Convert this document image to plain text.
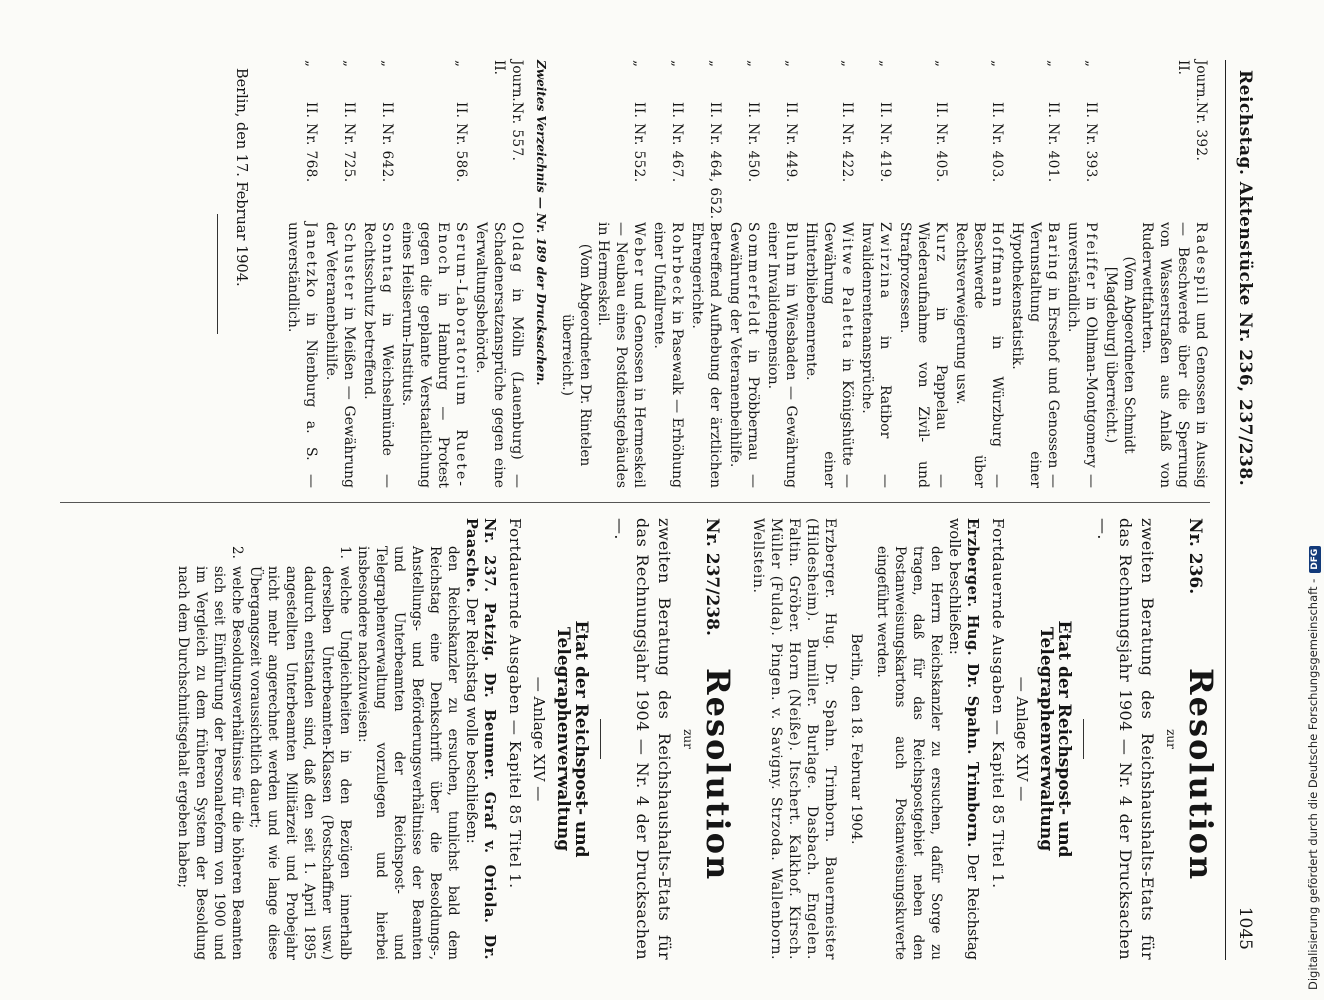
Reichstag. Aktenstücke Nr. 236, 237/238.
1045
Journ. II.
Nr. 392.
Radespill und Genossen in Aussig — Beschwerde über die Sperrung von Wasserstraßen aus Anlaß von Ruderwettfahrten.
(Vom Abgeordneten Schmidt [Magdeburg] überreicht.)
„
II. Nr. 393.
Pfeiffer in Ohlman-Montgomery — unverständlich.
„
II. Nr. 401.
Baring in Ersehof und Genossen — Verunstaltung einer Hypothekenstatistik.
„
II. Nr. 403.
Hoffmann in Würzburg — Beschwerde über Rechtsverweigerung usw.
„
II. Nr. 405.
Kurz in Pappelau — Wiederaufnahme von Zivil- und Strafprozessen.
„
II. Nr. 419.
Zwirzina in Ratibor — Invalidenrentenansprüche.
„
II. Nr. 422.
Witwe Paletta in Königshütte — Gewährung einer Hinterbliebenenrente.
„
II. Nr. 449.
Bluhm in Wiesbaden — Gewährung einer Invalidenpension.
„
II. Nr. 450.
Sommerfeldt in Pröbbernau — Gewährung der Veteranenbeihilfe.
„
II. Nr. 464, 652.
Betreffend Aufhebung der ärztlichen Ehrengerichte.
„
II. Nr. 467.
Rohrbeck in Pasewalk — Erhöhung einer Unfallrente.
„
II. Nr. 552.
Weber und Genossen in Hermeskeil — Neubau eines Postdienstgebäudes in Hermeskeil.
(Vom Abgeordneten Dr. Rintelen überreicht.)
Zweites Verzeichnis — Nr. 189 der Drucksachen.
Journ. II.
Nr. 557.
Oldag in Mölln (Lauenburg) — Schadenersatzansprüche gegen eine Verwaltungsbehörde.
„
II. Nr. 586.
Serum-Laboratorium Ruete-Enoch in Hamburg — Protest gegen die geplante Verstaatlichung eines Heilserum-Instituts.
„
II. Nr. 642.
Sonntag in Weichselmünde — Rechtsschutz betreffend.
„
II. Nr. 725.
Schuster in Meißen — Gewährung der Veteranenbeihilfe.
„
II. Nr. 768.
Janetzko in Nienburg a. S. — unverständlich.
Berlin, den 17. Februar 1904.
Nr. 236.
Resolution
zur
zweiten Beratung des Reichshaushalts-Etats für das Rechnungsjahr 1904 — Nr. 4 der Drucksachen —.
Etat der Reichspost- und Telegraphenverwaltung
— Anlage XIV —
Fortdauernde Ausgaben — Kapitel 85 Titel 1.
Erzberger. Hug. Dr. Spahn. Trimborn. Der Reichstag wolle beschließen:
den Herrn Reichskanzler zu ersuchen, dafür Sorge zu tragen, daß für das Reichspostgebiet neben den Postanweisungskartons auch Postanweisungskuverte eingeführt werden.
Berlin, den 18. Februar 1904.
Erzberger. Hug. Dr. Spahn. Trimborn. Bauermeister (Hildesheim). Bumiller. Burlage. Dasbach. Engelen. Faltin. Gröber. Horn (Neiße). Itschert. Kalkhof. Kirsch. Müller (Fulda). Pingen. v. Savigny. Strzoda. Wallenborn. Wellstein.
Nr. 237/238.
Resolution
zur
zweiten Beratung des Reichshaushalts-Etats für das Rechnungsjahr 1904 — Nr. 4 der Drucksachen —.
Etat der Reichspost- und Telegraphenverwaltung
— Anlage XIV —
Fortdauernde Ausgaben — Kapitel 85 Titel 1.
Nr. 237. Patzig. Dr. Beumer. Graf v. Oriola. Dr. Paasche. Der Reichstag wolle beschließen:
den Reichskanzler zu ersuchen, tunlichst bald dem Reichstag eine Denkschrift über die Besoldungs-, Anstellungs- und Beförderungsverhältnisse der Beamten und Unterbeamten der Reichspost- und Telegraphenverwaltung vorzulegen und hierbei insbesondere nachzuweisen:
1.
welche Ungleichheiten in den Bezügen innerhalb derselben Unterbeamten-Klassen (Postschaffner usw.) dadurch entstanden sind, daß den seit 1. April 1895 angestellten Unterbeamten Militärzeit und Probejahr nicht mehr angerechnet werden und wie lange diese Übergangszeit voraussichtlich dauert;
2.
welche Besoldungsverhältnisse für die höheren Beamten sich seit Einführung der Personalreform von 1900 und im Vergleich zu dem früheren System der Besoldung nach dem Durchschnittsgehalt ergeben haben;	Digitalisierung gefördert durch die Deutsche Forschungsgemeinschaft -DFG
